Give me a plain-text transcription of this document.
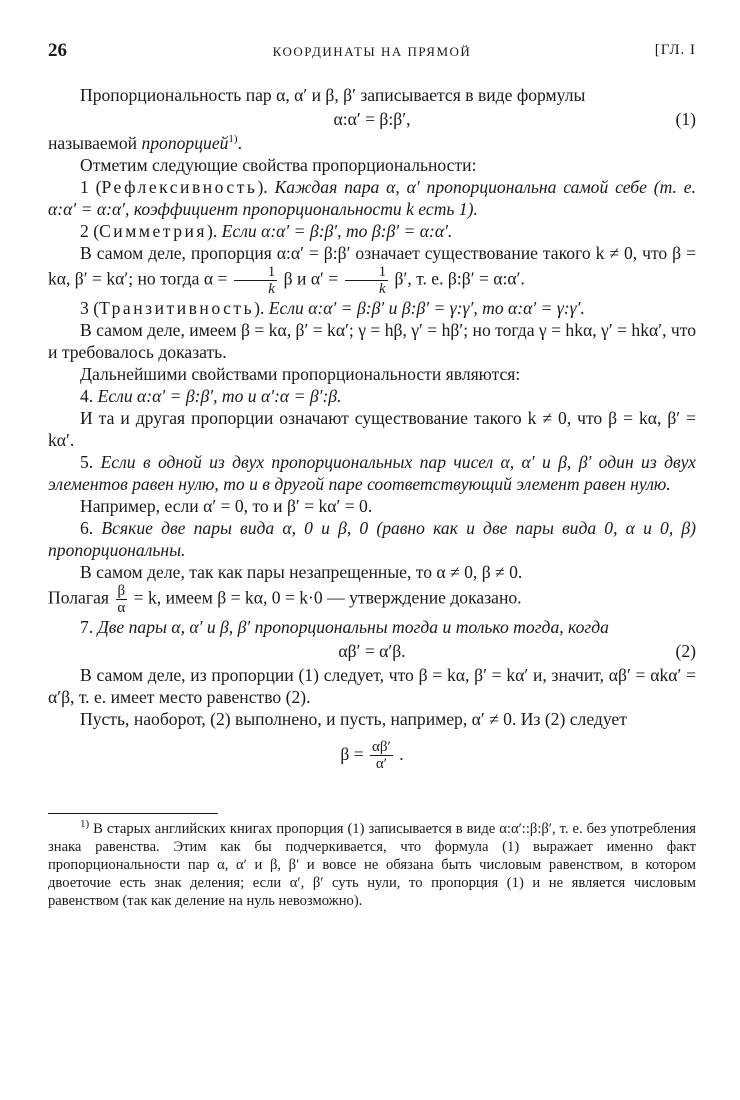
26	КООРДИНАТЫ НА ПРЯМОЙ	[ГЛ. I

Пропорциональность пар α, α′ и β, β′ записывается в виде формулы

α:α′ = β:β′,	(1)

называемой пропорцией$^{1)}$.

Отметим следующие свойства пропорциональности:

1 (Рефлексивность). Каждая пара α, α′ пропорциональна самой себе (т. е. α:α′ = α:α′, коэффициент пропорциональности k есть 1).

2 (Симметрия). Если α:α′ = β:β′, то β:β′ = α:α′.

В самом деле, пропорция α:α′ = β:β′ означает существование такого k ≠ 0, что β = kα, β′ = kα′; но тогда $\alpha = \frac{1}{k}$ β и $\alpha' = \frac{1}{k} \beta'$, т. е. β:β′ = α:α′.

3 (Транзитивность). Если α:α′ = β:β′ и β:β′ = γ:γ′, то α:α′ = γ:γ′.

В самом деле, имеем β = kα, β′ = kα′; γ = hβ, γ′ = hβ′; но тогда γ = hkα, γ′ = hkα′, что и требовалось доказать.

Дальнейшими свойствами пропорциональности являются:

4. Если α:α′ = β:β′, то и α′:α = β′:β.

И та и другая пропорции означают существование такого k ≠ 0, что β = kα, β′ = kα′.

5. Если в одной из двух пропорциональных пар чисел α, α′ и β, β′ один из двух элементов равен нулю, то и в другой паре соответствующий элемент равен нулю.

Например, если α′ = 0, то и β′ = kα′ = 0.

6. Всякие две пары вида α, 0 и β, 0 (равно как и две пары вида 0, α и 0, β) пропорциональны.

В самом деле, так как пары незапрещенные, то α ≠ 0, β ≠ 0.

Полагая $\frac{\beta}{\alpha} = k$, имеем β = kα, 0 = k·0 — утверждение доказано.

7. Две пары α, α′ и β, β′ пропорциональны тогда и только тогда, когда

αβ′ = α′β.	(2)

В самом деле, из пропорции (1) следует, что β = kα, β′ = kα′ и, значит, αβ′ = αkα′ = α′β, т. е. имеет место равенство (2).

Пусть, наоборот, (2) выполнено, и пусть, например, α′ ≠ 0. Из (2) следует

$\beta = \frac{\alpha\beta'}{\alpha'}$ .

$^{1)}$ В старых английских книгах пропорция (1) записывается в виде α:α′::β:β′, т. е. без употребления знака равенства. Этим как бы подчеркивается, что формула (1) выражает именно факт пропорциональности пар α, α′ и β, β′ и вовсе не обязана быть числовым равенством, в котором двоеточие есть знак деления; если α′, β′ суть нули, то пропорция (1) и не является числовым равенством (так как деление на нуль невозможно).
